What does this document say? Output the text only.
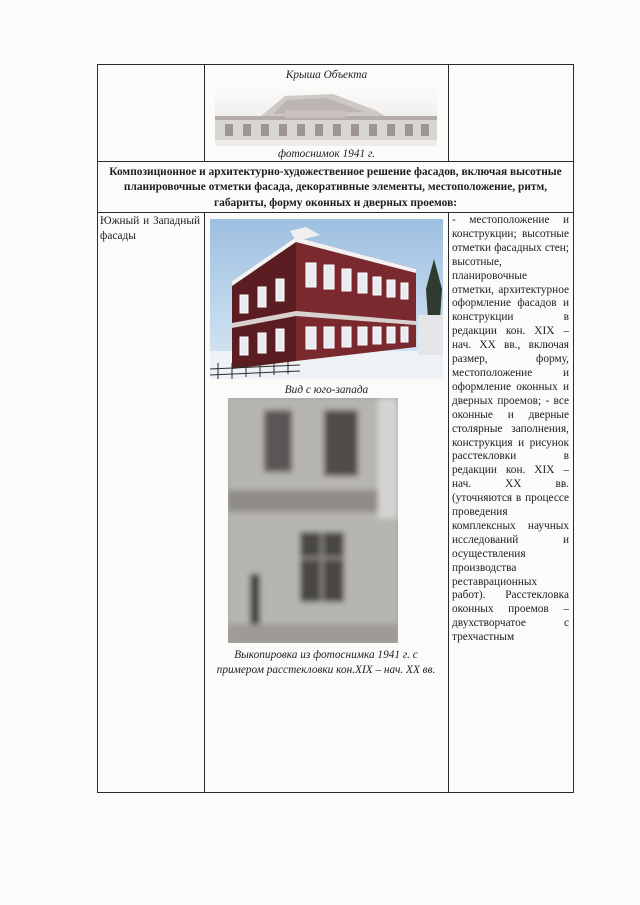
Крыша Объекта
фотоснимок 1941 г.
Композиционное и архитектурно-художественное решение фасадов, включая высотные планировочные отметки фасада, декоративные элементы, местоположение, ритм, габариты, форму оконных и дверных проемов:
Южный и Западный фасады
Вид с юго-запада
Выкопировка из фотоснимка 1941 г. с примером расстекловки кон.XIX – нач. XX вв.

- местоположение и конструкции; высотные отметки фасадных стен; высотные, планировочные отметки, архитектурное оформление фасадов и конструкции в редакции кон. XIX – нач. XX вв., включая размер, форму, местоположение и оформление оконных и дверных проемов; - все оконные и дверные столярные заполнения, конструкция и рисунок расстекловки в редакции кон. XIX – нач. XX вв. (уточняются в процессе проведения комплексных научных исследований и осуществления производства реставрационных работ). Расстекловка оконных проемов – двухстворчатое с трехчастным
